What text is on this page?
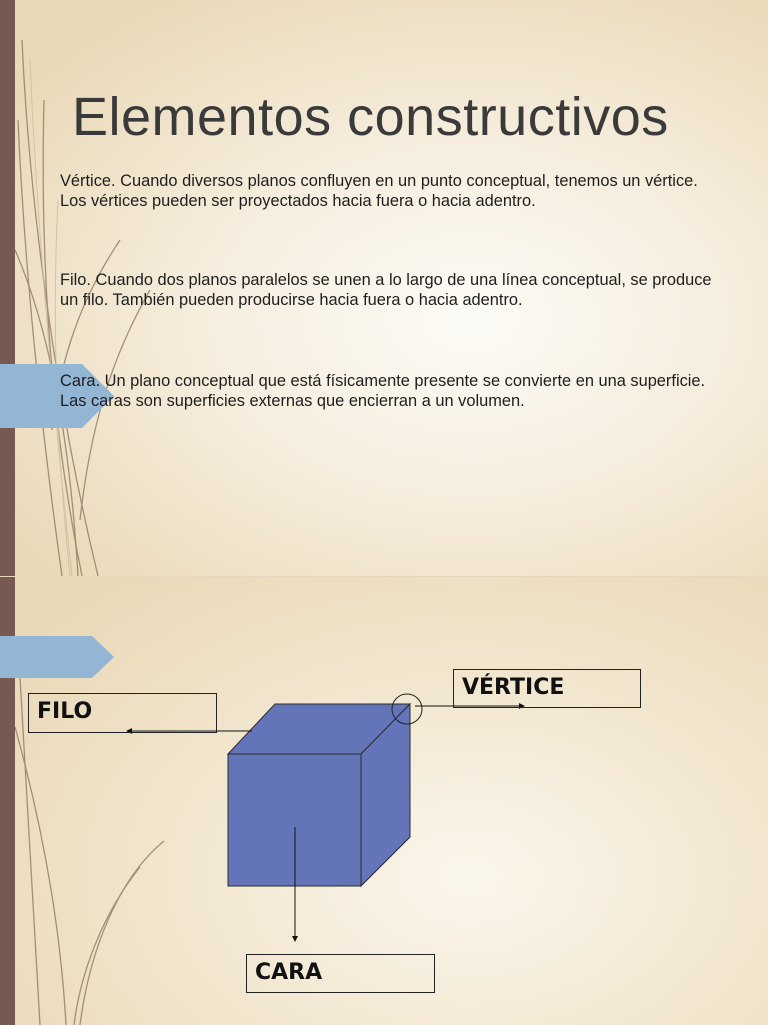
Elementos constructivos

Vértice. Cuando diversos planos confluyen en un punto conceptual, tenemos un vértice. Los vértices pueden ser proyectados hacia fuera o hacia adentro.

Filo. Cuando dos planos paralelos se unen a lo largo de una línea conceptual, se produce un filo. También pueden producirse hacia fuera o hacia adentro.

Cara. Un plano conceptual que está físicamente presente se convierte en una superficie. Las caras son superficies externas que encierran a un volumen.

VÉRTICE
FILO
CARA
